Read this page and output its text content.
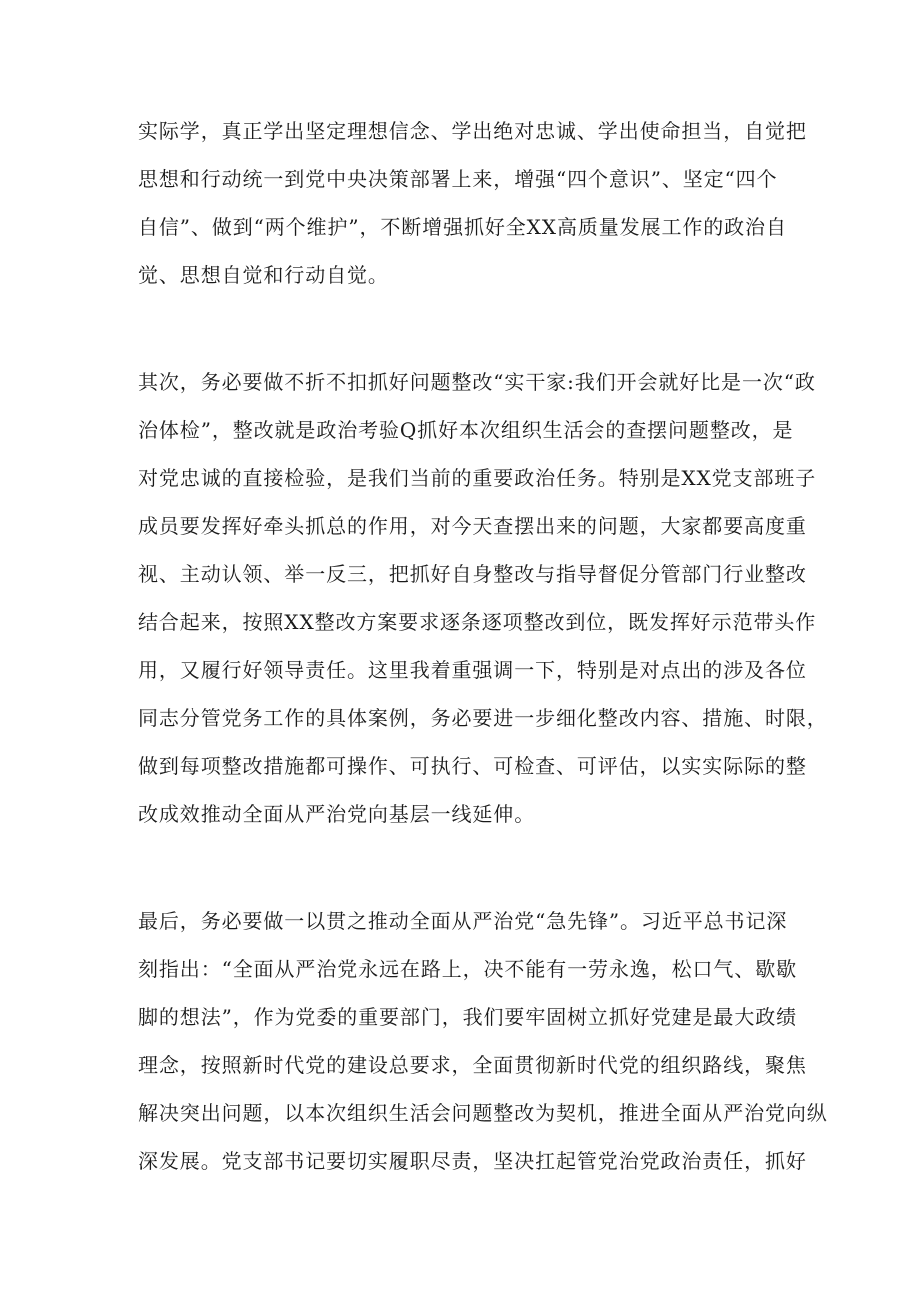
实际学，真正学出坚定理想信念、学出绝对忠诚、学出使命担当，自觉把
思想和行动统一到党中央决策部署上来，增强“四个意识”、坚定“四个
自信”、做到“两个维护”，不断增强抓好全XX高质量发展工作的政治自
觉、思想自觉和行动自觉。
其次，务必要做不折不扣抓好问题整改“实干家:我们开会就好比是一次“政
治体检”，整改就是政治考验Q抓好本次组织生活会的查摆问题整改，是
对党忠诚的直接检验，是我们当前的重要政治任务。特别是XX党支部班子
成员要发挥好牵头抓总的作用，对今天查摆出来的问题，大家都要高度重
视、主动认领、举一反三，把抓好自身整改与指导督促分管部门行业整改
结合起来，按照XX整改方案要求逐条逐项整改到位，既发挥好示范带头作
用，又履行好领导责任。这里我着重强调一下，特别是对点出的涉及各位
同志分管党务工作的具体案例，务必要进一步细化整改内容、措施、时限，
做到每项整改措施都可操作、可执行、可检查、可评估，以实实际际的整
改成效推动全面从严治党向基层一线延伸。
最后，务必要做一以贯之推动全面从严治党“急先锋”。习近平总书记深
刻指出：“全面从严治党永远在路上，决不能有一劳永逸，松口气、歇歇
脚的想法”，作为党委的重要部门，我们要牢固树立抓好党建是最大政绩
理念，按照新时代党的建设总要求，全面贯彻新时代党的组织路线，聚焦
解决突出问题，以本次组织生活会问题整改为契机，推进全面从严治党向纵
深发展。党支部书记要切实履职尽责，坚决扛起管党治党政治责任，抓好
